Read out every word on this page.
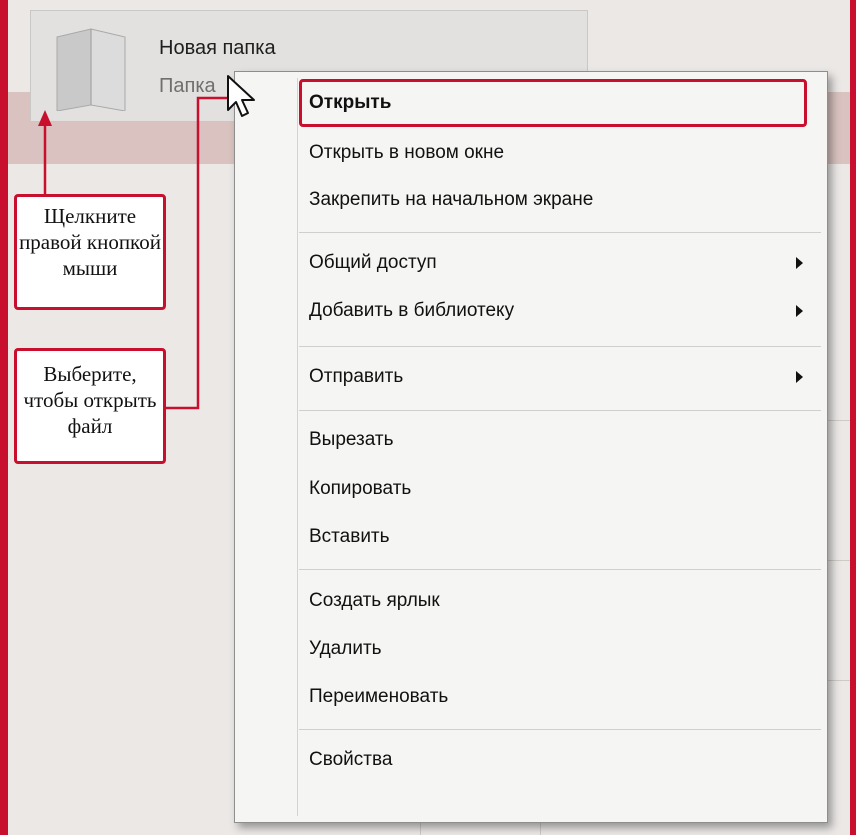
Новая папка
Папка
Щелкните правой кнопкой мыши
Выберите, чтобы открыть файл
Открыть
Открыть в новом окне
Закрепить на начальном экране
Общий доступ
Добавить в библиотеку
Отправить
Вырезать
Копировать
Вставить
Создать ярлык
Удалить
Переименовать
Свойства
